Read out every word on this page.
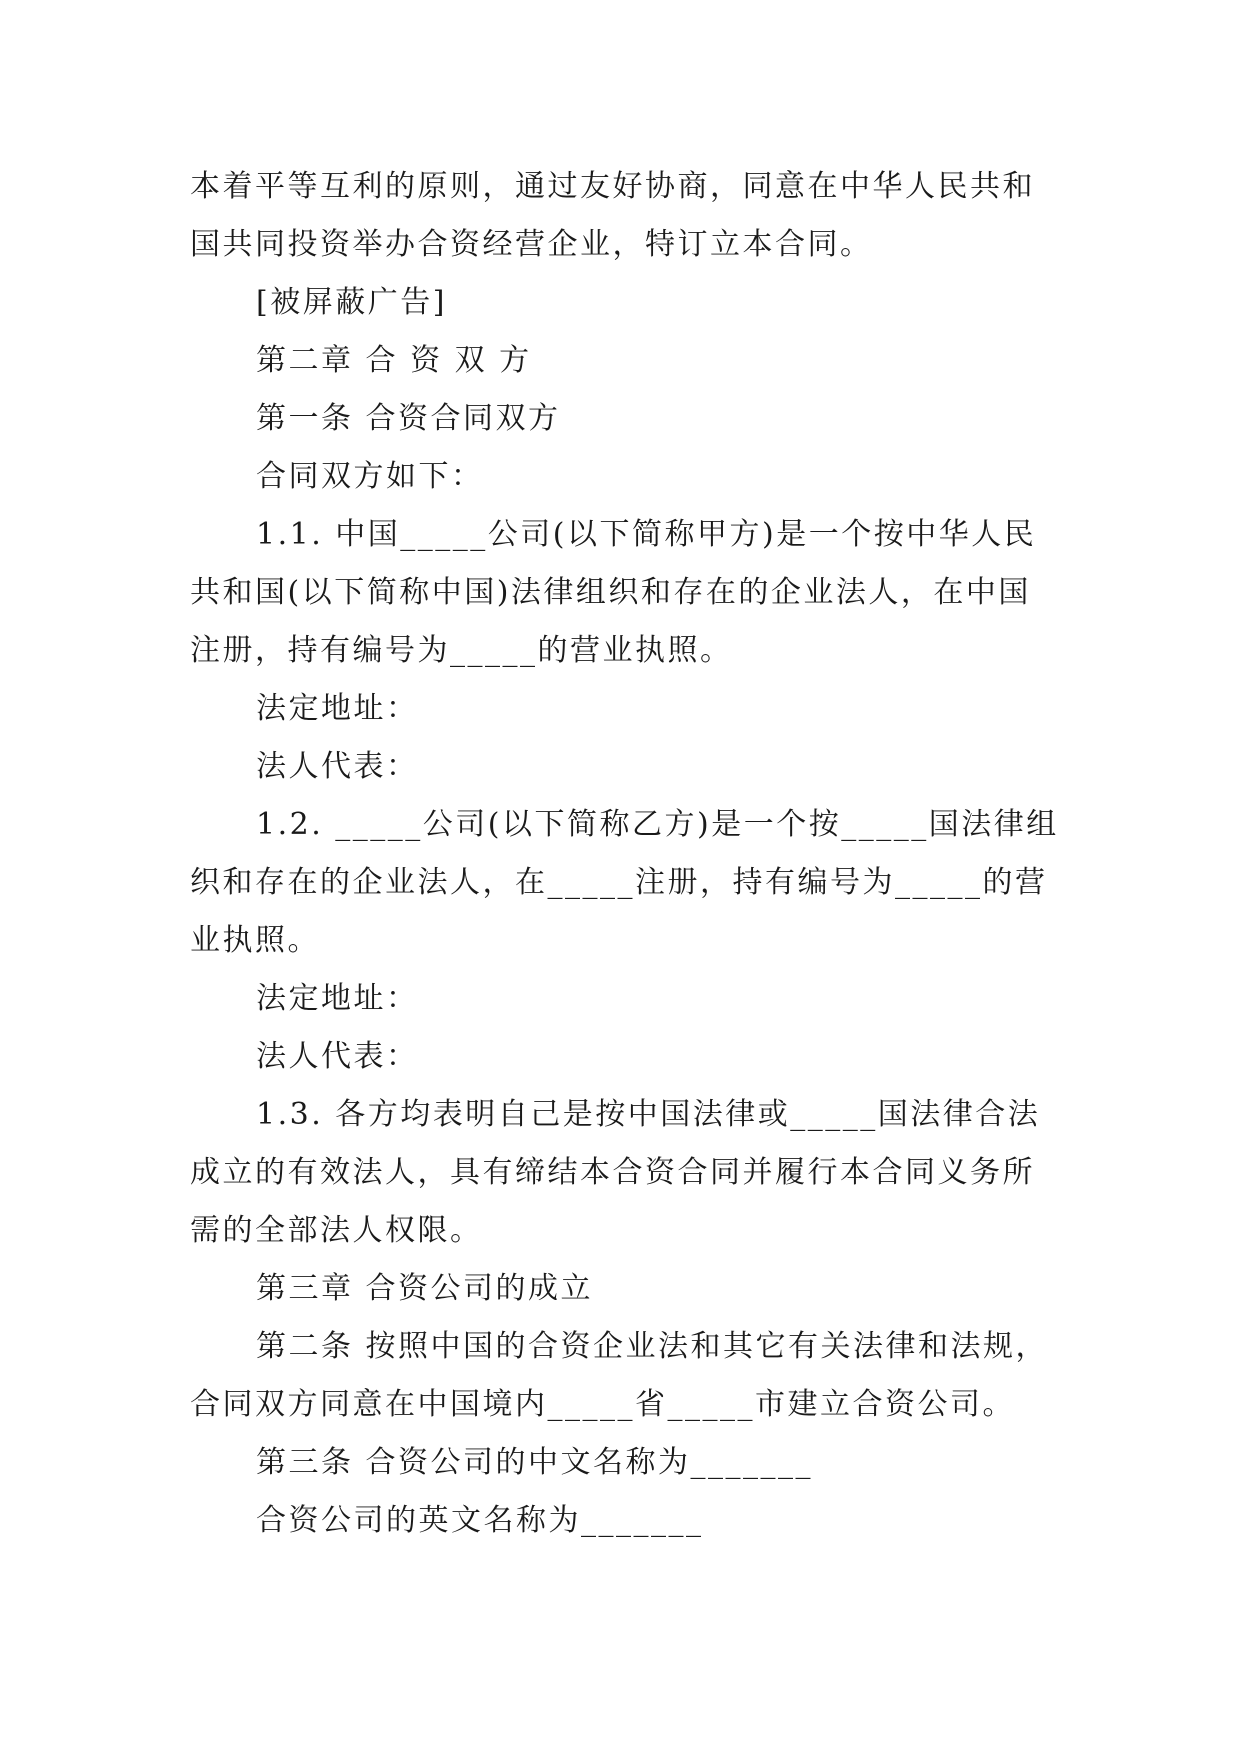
本着平等互利的原则，通过友好协商，同意在中华人民共和
国共同投资举办合资经营企业，特订立本合同。
[被屏蔽广告]
第二章 合 资 双 方
第一条 合资合同双方
合同双方如下：
1.1. 中国_____公司(以下简称甲方)是一个按中华人民
共和国(以下简称中国)法律组织和存在的企业法人，在中国
注册，持有编号为_____的营业执照。
法定地址：
法人代表：
1.2. _____公司(以下简称乙方)是一个按_____国法律组
织和存在的企业法人，在_____注册，持有编号为_____的营
业执照。
法定地址：
法人代表：
1.3. 各方均表明自己是按中国法律或_____国法律合法
成立的有效法人，具有缔结本合资合同并履行本合同义务所
需的全部法人权限。
第三章 合资公司的成立
第二条 按照中国的合资企业法和其它有关法律和法规，
合同双方同意在中国境内_____省_____市建立合资公司。
第三条 合资公司的中文名称为_______
合资公司的英文名称为_______
